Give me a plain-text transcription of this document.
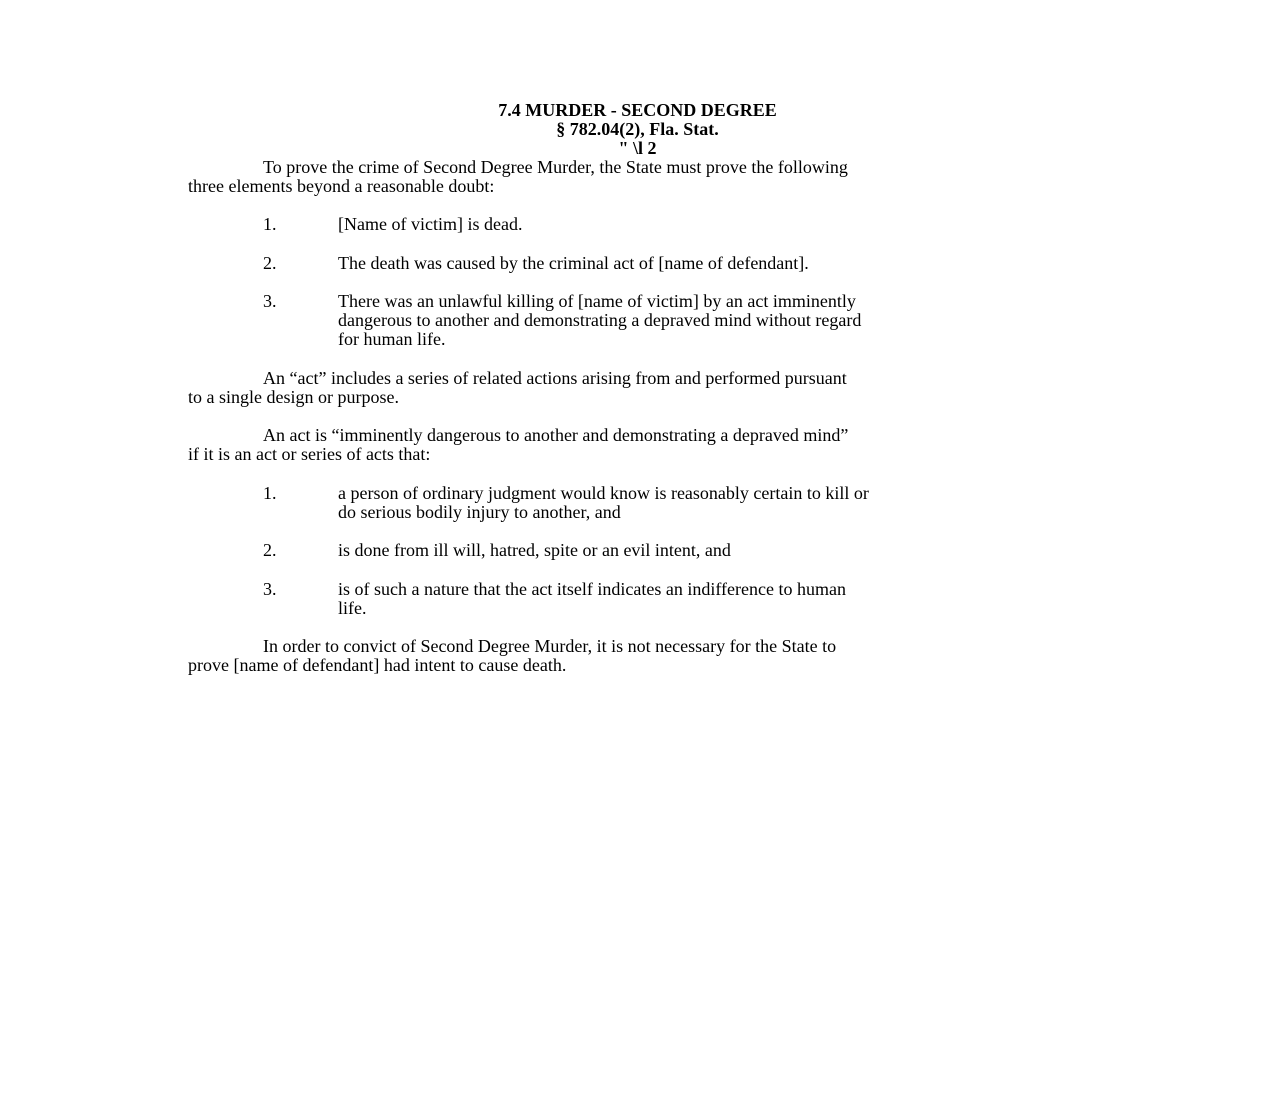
7.4 MURDER - SECOND DEGREE
§ 782.04(2), Fla. Stat.
" \l 2
To prove the crime of Second Degree Murder, the State must prove the following
three elements beyond a reasonable doubt:
1.	[Name of victim] is dead.
2.	The death was caused by the criminal act of [name of defendant].
3.	There was an unlawful killing of [name of victim] by an act imminently
dangerous to another and demonstrating a depraved mind without regard
for human life.
An “act” includes a series of related actions arising from and performed pursuant
to a single design or purpose.
An act is “imminently dangerous to another and demonstrating a depraved mind”
if it is an act or series of acts that:
1.	a person of ordinary judgment would know is reasonably certain to kill or
do serious bodily injury to another, and
2.	is done from ill will, hatred, spite or an evil intent, and
3.	is of such a nature that the act itself indicates an indifference to human
life.
In order to convict of Second Degree Murder, it is not necessary for the State to
prove [name of defendant] had intent to cause death.
